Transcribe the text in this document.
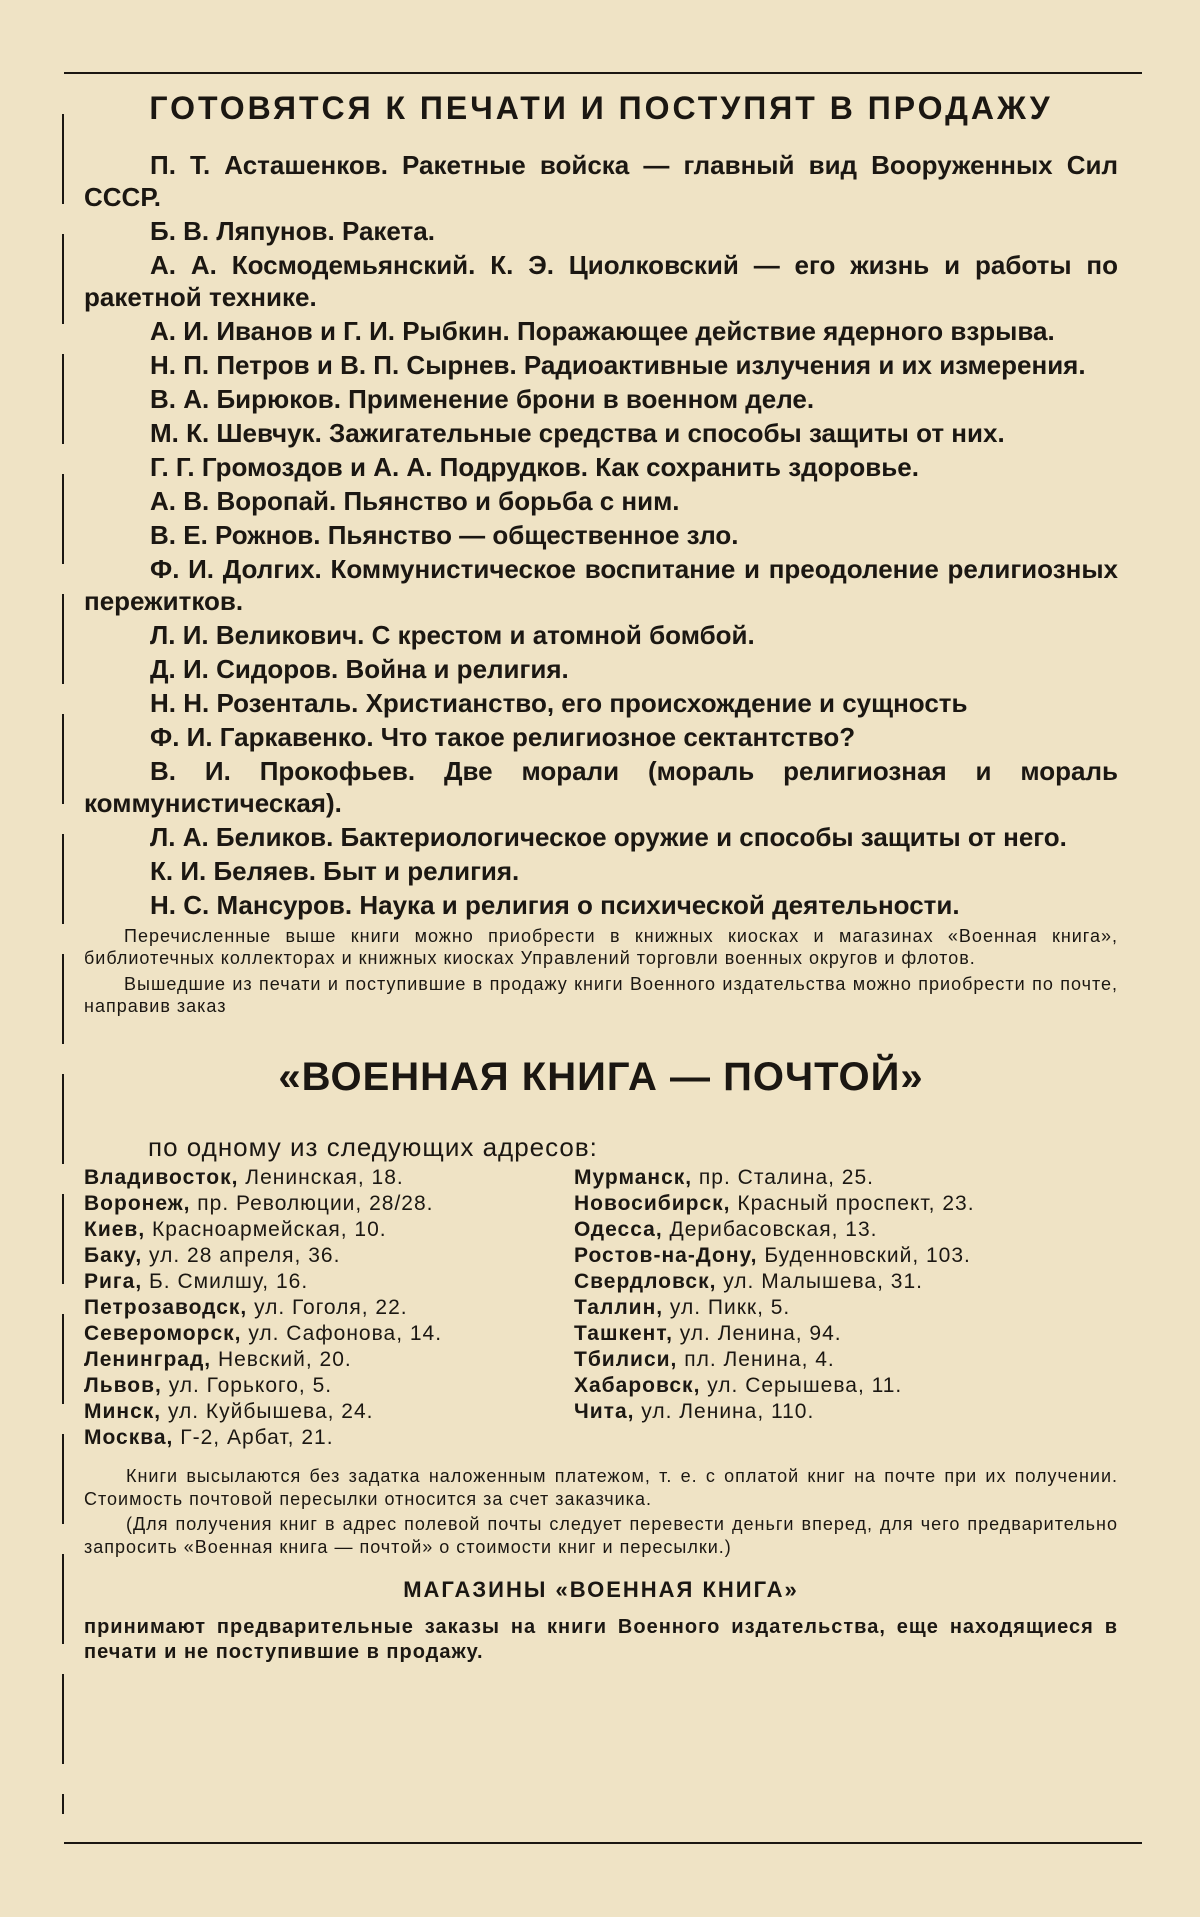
ГОТОВЯТСЯ К ПЕЧАТИ И ПОСТУПЯТ В ПРОДАЖУ

П. Т. Асташенков. Ракетные войска — главный вид Вооруженных Сил СССР.

Б. В. Ляпунов. Ракета.

А. А. Космодемьянский. К. Э. Циолковский — его жизнь и работы по ракетной технике.

А. И. Иванов и Г. И. Рыбкин. Поражающее действие ядерного взрыва.

Н. П. Петров и В. П. Сырнев. Радиоактивные излучения и их измерения.

В. А. Бирюков. Применение брони в военном деле.

М. К. Шевчук. Зажигательные средства и способы защиты от них.

Г. Г. Громоздов и А. А. Подрудков. Как сохранить здоровье.

А. В. Воропай. Пьянство и борьба с ним.

В. Е. Рожнов. Пьянство — общественное зло.

Ф. И. Долгих. Коммунистическое воспитание и преодоление религиозных пережитков.

Л. И. Великович. С крестом и атомной бомбой.

Д. И. Сидоров. Война и религия.

Н. Н. Розенталь. Христианство, его происхождение и сущность

Ф. И. Гаркавенко. Что такое религиозное сектантство?

В. И. Прокофьев. Две морали (мораль религиозная и мораль коммунистическая).

Л. А. Беликов. Бактериологическое оружие и способы защиты от него.

К. И. Беляев. Быт и религия.

Н. С. Мансуров. Наука и религия о психической деятельности.

Перечисленные выше книги можно приобрести в книжных киосках и магазинах «Военная книга», библиотечных коллекторах и книжных киосках Управлений торговли военных округов и флотов.

Вышедшие из печати и поступившие в продажу книги Военного издательства можно приобрести по почте, направив заказ

«ВОЕННАЯ КНИГА — ПОЧТОЙ»
по одному из следующих адресов:
Владивосток, Ленинская, 18.
Воронеж, пр. Революции, 28/28.
Киев, Красноармейская, 10.
Баку, ул. 28 апреля, 36.
Рига, Б. Смилшу, 16.
Петрозаводск, ул. Гоголя, 22.
Североморск, ул. Сафонова, 14.
Ленинград, Невский, 20.
Львов, ул. Горького, 5.
Минск, ул. Куйбышева, 24.
Москва, Г-2, Арбат, 21.
Мурманск, пр. Сталина, 25.
Новосибирск, Красный проспект, 23.
Одесса, Дерибасовская, 13.
Ростов-на-Дону, Буденновский, 103.
Свердловск, ул. Малышева, 31.
Таллин, ул. Пикк, 5.
Ташкент, ул. Ленина, 94.
Тбилиси, пл. Ленина, 4.
Хабаровск, ул. Серышева, 11.
Чита, ул. Ленина, 110.

Книги высылаются без задатка наложенным платежом, т. е. с оплатой книг на почте при их получении. Стоимость почтовой пересылки относится за счет заказчика.

(Для получения книг в адрес полевой почты следует перевести деньги вперед, для чего предварительно запросить «Военная книга — почтой» о стоимости книг и пересылки.)

МАГАЗИНЫ «ВОЕННАЯ КНИГА»
принимают предварительные заказы на книги Военного издательства, еще находящиеся в печати и не поступившие в продажу.
